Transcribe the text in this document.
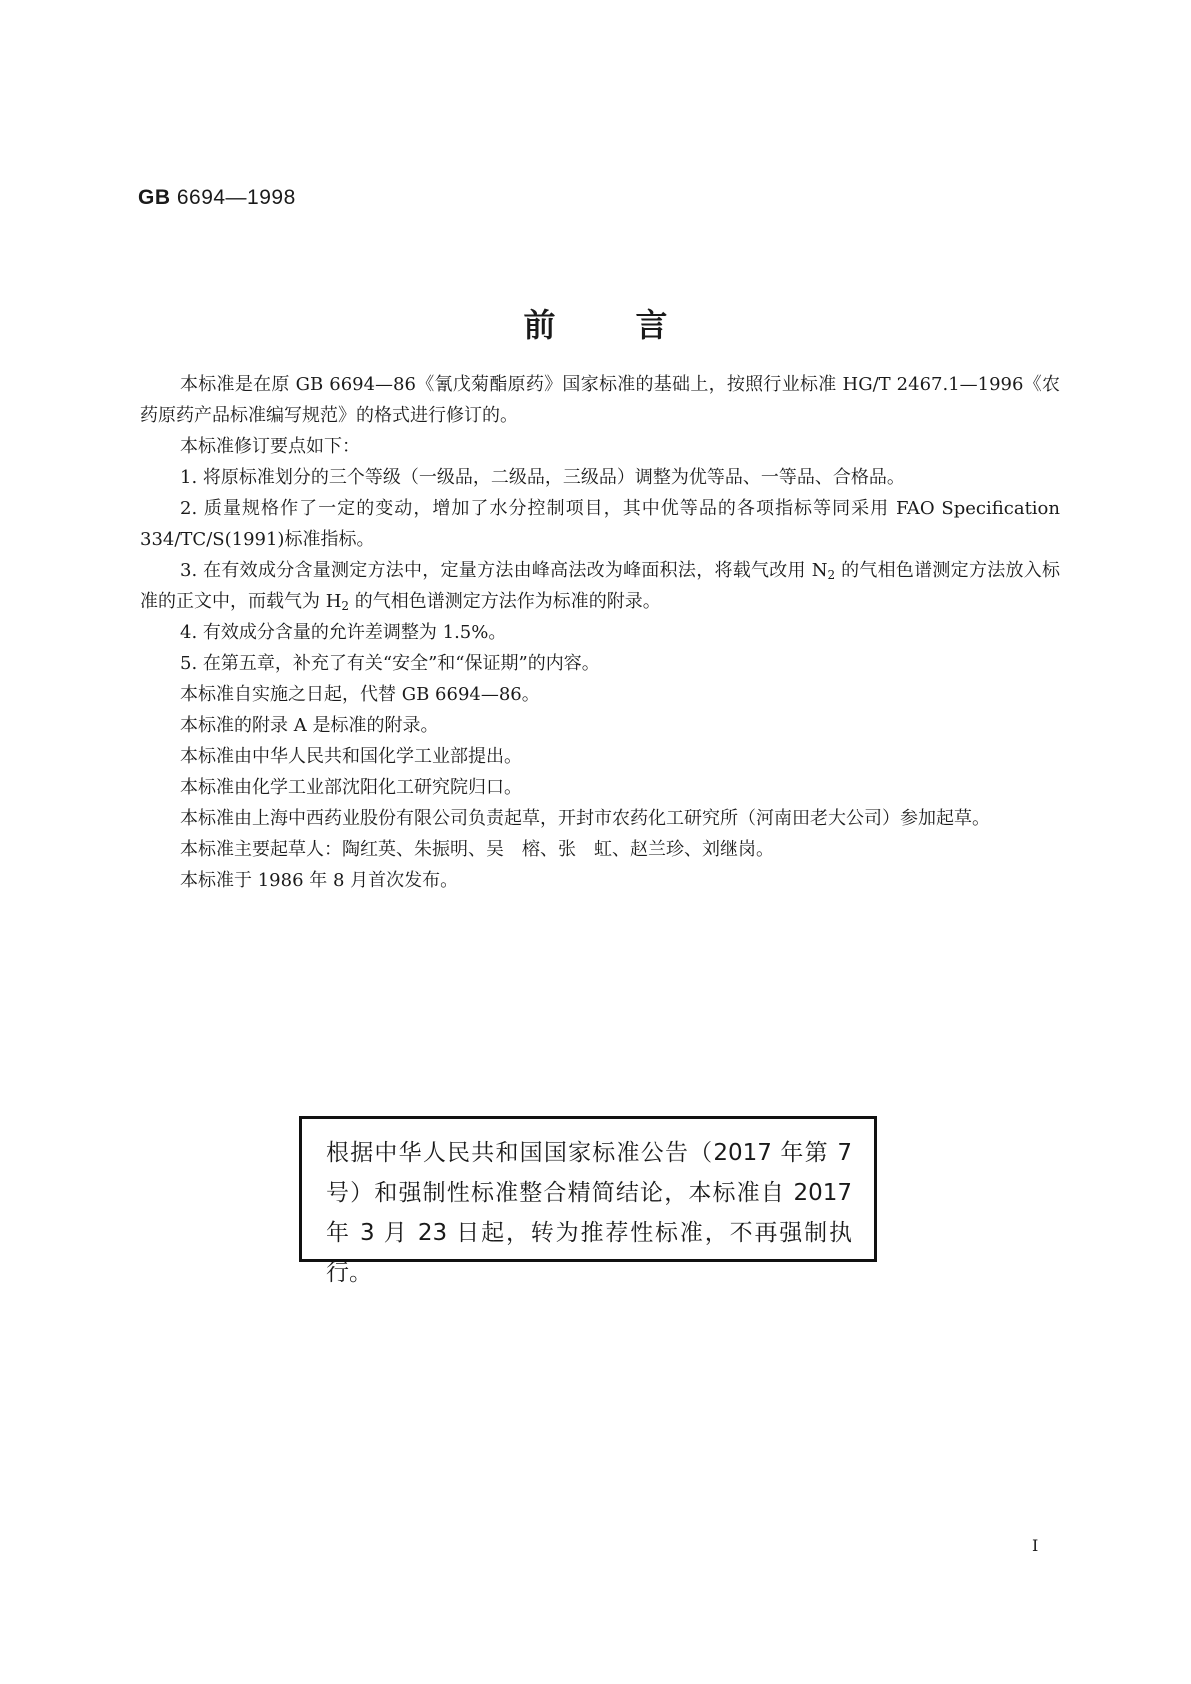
GB 6694—1998
前言

本标准是在原 GB 6694—86《氰戊菊酯原药》国家标准的基础上，按照行业标准 HG/T 2467.1—1996《农药原药产品标准编写规范》的格式进行修订的。

本标准修订要点如下：

1. 将原标准划分的三个等级（一级品，二级品，三级品）调整为优等品、一等品、合格品。

2. 质量规格作了一定的变动，增加了水分控制项目，其中优等品的各项指标等同采用 FAO Specification 334/TC/S(1991)标准指标。

3. 在有效成分含量测定方法中，定量方法由峰高法改为峰面积法，将载气改用 $N_2$ 的气相色谱测定方法放入标准的正文中，而载气为 $H_2$ 的气相色谱测定方法作为标准的附录。

4. 有效成分含量的允许差调整为 1.5%。

5. 在第五章，补充了有关“安全”和“保证期”的内容。

本标准自实施之日起，代替 GB 6694—86。

本标准的附录 A 是标准的附录。

本标准由中华人民共和国化学工业部提出。

本标准由化学工业部沈阳化工研究院归口。

本标准由上海中西药业股份有限公司负责起草，开封市农药化工研究所（河南田老大公司）参加起草。

本标准主要起草人：陶红英、朱振明、吴　榕、张　虹、赵兰珍、刘继岗。

本标准于 1986 年 8 月首次发布。

根据中华人民共和国国家标准公告（2017 年第 7 号）和强制性标准整合精简结论，本标准自 2017 年 3 月 23 日起，转为推荐性标准，不再强制执行。
I
